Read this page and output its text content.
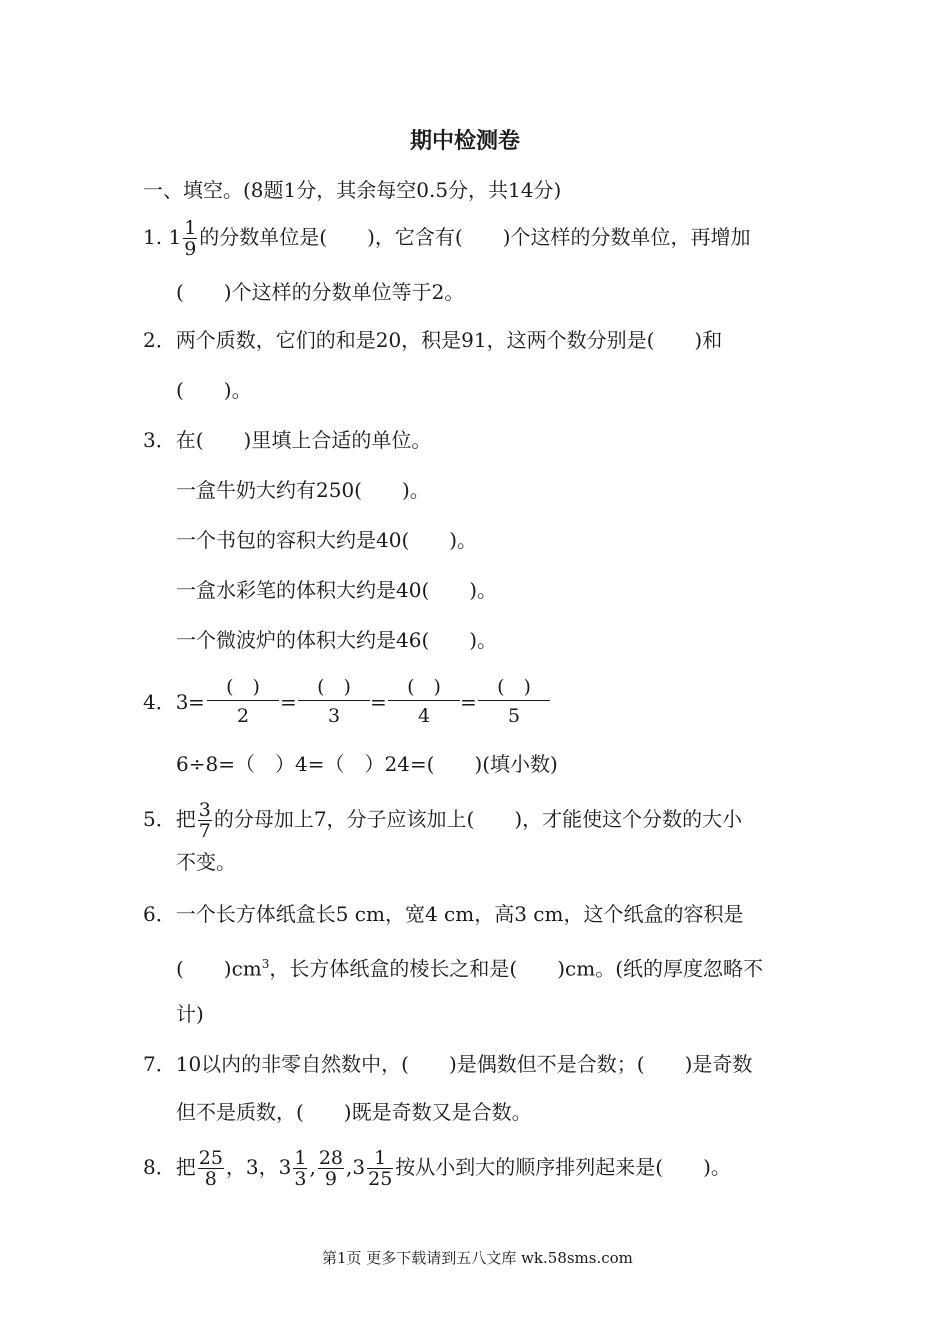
期中检测卷
一、填空。(8题1分，其余每空0.5分，共14分)
1. $1 \frac{1}{9}$ 的分数单位是(　　)，它含有(　　)个这样的分数单位，再增加
(　　)个这样的分数单位等于2。
2．两个质数，它们的和是20，积是91，这两个数分别是(　　)和
(　　)。
3．在(　　)里填上合适的单位。
一盒牛奶大约有250(　　)。
一个书包的容积大约是40(　　)。
一盒水彩笔的体积大约是40(　　)。
一个微波炉的体积大约是46(　　)。
4．3 =
(　)
2
=
(　)
3
=
(　)
4
=
(　)
5
6÷8=（　）4=（　）24=(　　)(填小数)
5．把 $\frac{3}{7}$ 的分母加上7，分子应该加上(　　)，才能使这个分数的大小
不变。
6．一个长方体纸盒长5 cm，宽4 cm，高3 cm，这个纸盒的容积是
(　　)$cm^3$，长方体纸盒的棱长之和是(　　)cm。(纸的厚度忽略不
计)
7．10以内的非零自然数中，(　　)是偶数但不是合数；(　　)是奇数
但不是质数，(　　)既是奇数又是合数。
8．把 $\frac{25}{8}$ ，3，$3 \frac{1}{3}$ , $\frac{28}{9} ,3 \frac{1}{25}$ 按从小到大的顺序排列起来是(　　)。
第1页 更多下载请到五八文库 wk.58sms.com
